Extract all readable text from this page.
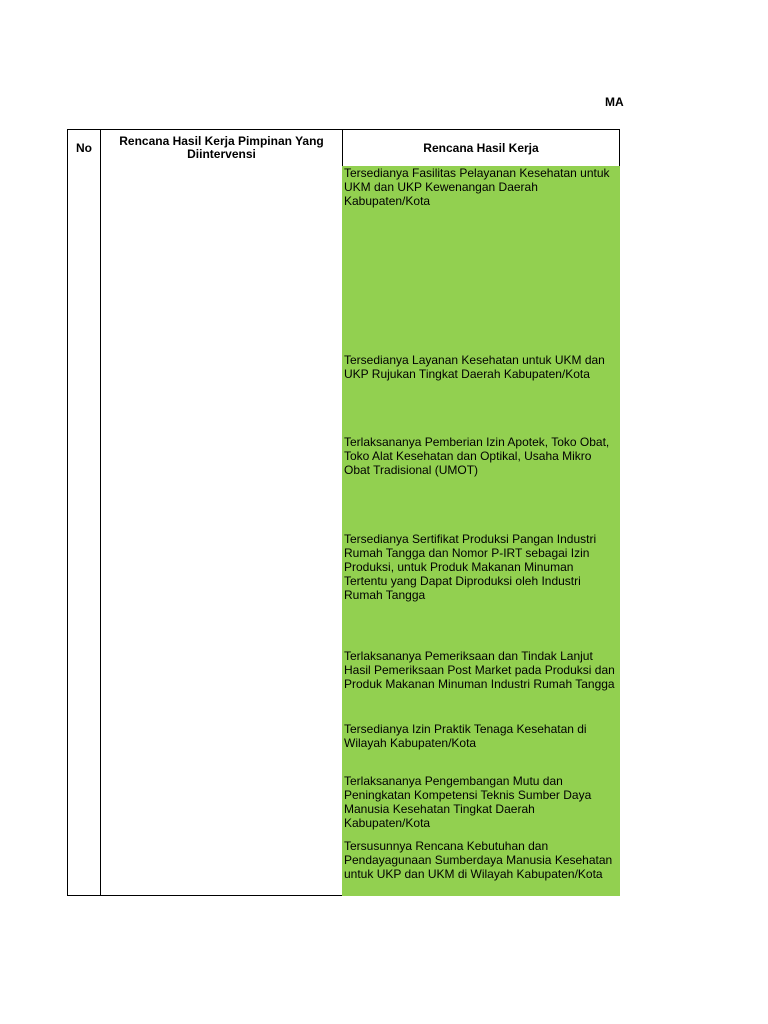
MA
No	Rencana Hasil Kerja Pimpinan Yang Diintervensi	Rencana Hasil Kerja
Tersedianya Fasilitas Pelayanan Kesehatan untuk UKM dan UKP Kewenangan Daerah Kabupaten/Kota
Tersedianya Layanan Kesehatan untuk UKM dan UKP Rujukan Tingkat Daerah Kabupaten/Kota
Terlaksananya Pemberian Izin Apotek, Toko Obat, Toko Alat Kesehatan dan Optikal, Usaha Mikro Obat Tradisional (UMOT)
Tersedianya Sertifikat Produksi Pangan Industri Rumah Tangga dan Nomor P-IRT sebagai Izin Produksi, untuk Produk Makanan Minuman Tertentu yang Dapat Diproduksi oleh Industri Rumah Tangga
Terlaksananya Pemeriksaan dan Tindak Lanjut Hasil Pemeriksaan Post Market pada Produksi dan Produk Makanan Minuman Industri Rumah Tangga
Tersedianya Izin Praktik Tenaga Kesehatan di Wilayah Kabupaten/Kota
Terlaksananya Pengembangan Mutu dan Peningkatan Kompetensi Teknis Sumber Daya Manusia Kesehatan Tingkat Daerah Kabupaten/Kota
Tersusunnya Rencana Kebutuhan dan Pendayagunaan Sumberdaya Manusia Kesehatan untuk UKP dan UKM di Wilayah Kabupaten/Kota
